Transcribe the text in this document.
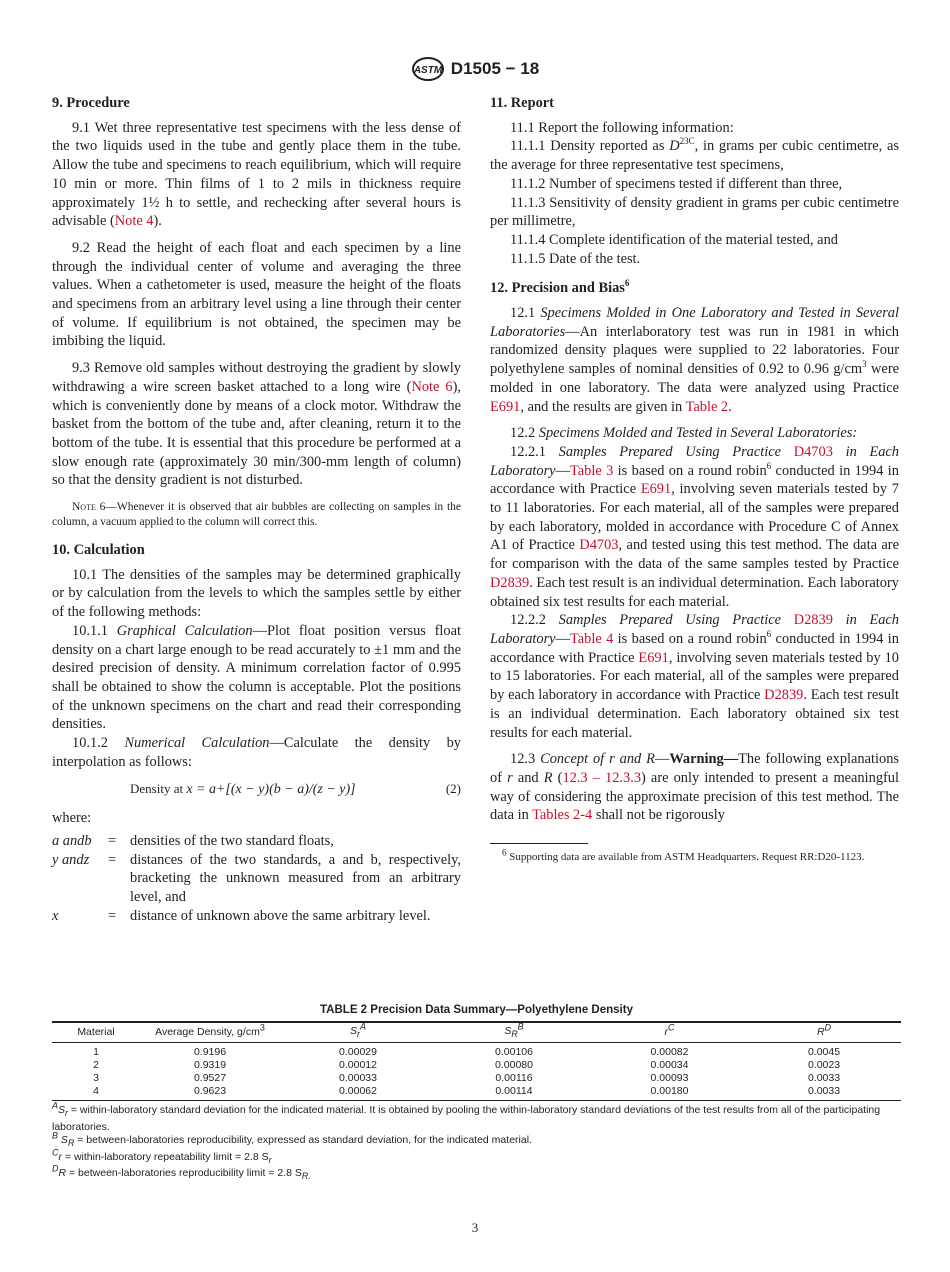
ASTM D1505 − 18
9. Procedure

9.1 Wet three representative test specimens with the less dense of the two liquids used in the tube and gently place them in the tube. Allow the tube and specimens to reach equilibrium, which will require 10 min or more. Thin films of 1 to 2 mils in thickness require approximately 1½ h to settle, and rechecking after several hours is advisable (Note 4).

9.2 Read the height of each float and each specimen by a line through the individual center of volume and averaging the three values. When a cathetometer is used, measure the height of the floats and specimens from an arbitrary level using a line through their center of volume. If equilibrium is not obtained, the specimen may be imbibing the liquid.

9.3 Remove old samples without destroying the gradient by slowly withdrawing a wire screen basket attached to a long wire (Note 6), which is conveniently done by means of a clock motor. Withdraw the basket from the bottom of the tube and, after cleaning, return it to the bottom of the tube. It is essential that this procedure be performed at a slow enough rate (approximately 30 min/300-mm length of column) so that the density gradient is not disturbed.

Note 6—Whenever it is observed that air bubbles are collecting on samples in the column, a vacuum applied to the column will correct this.

10. Calculation

10.1 The densities of the samples may be determined graphically or by calculation from the levels to which the samples settle by either of the following methods:

10.1.1 Graphical Calculation—Plot float position versus float density on a chart large enough to be read accurately to ±1 mm and the desired precision of density. A minimum correlation factor of 0.995 shall be obtained to show the column is acceptable. Plot the positions of the unknown specimens on the chart and read their corresponding densities.

10.1.2 Numerical Calculation—Calculate the density by interpolation as follows:

Density at x = a+[(x − y)(b − a)/(z − y)]	(2)
where:
a andb	= densities of the two standard floats,
y andz	= distances of the two standards, a and b, respectively, bracketing the unknown measured from an arbitrary level, and
x	= distance of unknown above the same arbitrary level.
11. Report

11.1 Report the following information:

11.1.1 Density reported as $D^{23C}$, in grams per cubic centimetre, as the average for three representative test specimens,

11.1.2 Number of specimens tested if different than three,

11.1.3 Sensitivity of density gradient in grams per cubic centimetre per millimetre,

11.1.4 Complete identification of the material tested, and

11.1.5 Date of the test.

12. Precision and Bias$^6$

12.1 Specimens Molded in One Laboratory and Tested in Several Laboratories—An interlaboratory test was run in 1981 in which randomized density plaques were supplied to 22 laboratories. Four polyethylene samples of nominal densities of 0.92 to 0.96 $g/cm^3$ were molded in one laboratory. The data were analyzed using Practice E691, and the results are given in Table 2.

12.2 Specimens Molded and Tested in Several Laboratories:

12.2.1 Samples Prepared Using Practice D4703 in Each Laboratory—Table 3 is based on a round robin$^6$ conducted in 1994 in accordance with Practice E691, involving seven materials tested by 7 to 11 laboratories. For each material, all of the samples were prepared by each laboratory, molded in accordance with Procedure C of Annex A1 of Practice D4703, and tested using this test method. The data are for comparison with the data of the same samples tested by Practice D2839. Each test result is an individual determination. Each laboratory obtained six test results for each material.

12.2.2 Samples Prepared Using Practice D2839 in Each Laboratory—Table 4 is based on a round robin$^6$ conducted in 1994 in accordance with Practice E691, involving seven materials tested by 10 to 15 laboratories. For each material, all of the samples were prepared by each laboratory in accordance with Practice D2839. Each test result is an individual determination. Each laboratory obtained six test results for each material.

12.3 Concept of r and R—Warning—The following explanations of r and R (12.3 – 12.3.3) are only intended to present a meaningful way of considering the approximate precision of this test method. The data in Tables 2-4 shall not be rigorously

$^6$ Supporting data are available from ASTM Headquarters. Request RR:D20-1123.
TABLE 2 Precision Data Summary—Polyethylene Density
Material	Average Density, $g/cm^3$	$S_r^A$	$S_R^B$	$r^C$	$R^D$
1	0.9196	0.00029	0.00106	0.00082	0.0045
2	0.9319	0.00012	0.00080	0.00034	0.0023
3	0.9527	0.00033	0.00116	0.00093	0.0033
4	0.9623	0.00062	0.00114	0.00180	0.0033
$^AS_r$ = within-laboratory standard deviation for the indicated material. It is obtained by pooling the within-laboratory standard deviations of the test results from all of the participating laboratories.
$^B$ $S_R$ = between-laboratories reproducibility, expressed as standard deviation, for the indicated material.
$^C$r = within-laboratory repeatability limit = 2.8 $S_r$
$^D$R = between-laboratories reproducibility limit = 2.8 $S_{R.}$
3
